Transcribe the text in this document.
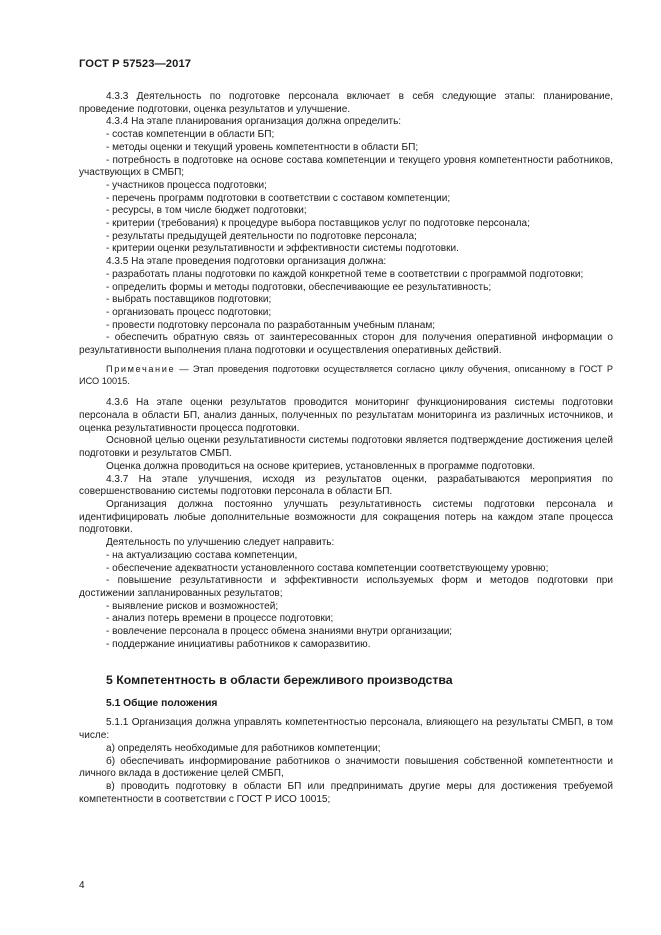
ГОСТ Р 57523—2017

4.3.3 Деятельность по подготовке персонала включает в себя следующие этапы: планирование, проведение подготовки, оценка результатов и улучшение.

4.3.4 На этапе планирования организация должна определить:

- состав компетенции в области БП;

- методы оценки и текущий уровень компетентности в области БП;

- потребность в подготовке на основе состава компетенции и текущего уровня компетентности работников, участвующих в СМБП;

- участников процесса подготовки;

- перечень программ подготовки в соответствии с составом компетенции;

- ресурсы, в том числе бюджет подготовки;

- критерии (требования) к процедуре выбора поставщиков услуг по подготовке персонала;

- результаты предыдущей деятельности по подготовке персонала;

- критерии оценки результативности и эффективности системы подготовки.

4.3.5 На этапе проведения подготовки организация должна:

- разработать планы подготовки по каждой конкретной теме в соответствии с программой подготовки;

- определить формы и методы подготовки, обеспечивающие ее результативность;

- выбрать поставщиков подготовки;

- организовать процесс подготовки;

- провести подготовку персонала по разработанным учебным планам;

- обеспечить обратную связь от заинтересованных сторон для получения оперативной информации о результативности выполнения плана подготовки и осуществления оперативных действий.

Примечание — Этап проведения подготовки осуществляется согласно циклу обучения, описанному в ГОСТ Р ИСО 10015.

4.3.6 На этапе оценки результатов проводится мониторинг функционирования системы подготовки персонала в области БП, анализ данных, полученных по результатам мониторинга из различных источников, и оценка результативности процесса подготовки.

Основной целью оценки результативности системы подготовки является подтверждение достижения целей подготовки и результатов СМБП.

Оценка должна проводиться на основе критериев, установленных в программе подготовки.

4.3.7 На этапе улучшения, исходя из результатов оценки, разрабатываются мероприятия по совершенствованию системы подготовки персонала в области БП.

Организация должна постоянно улучшать результативность системы подготовки персонала и идентифицировать любые дополнительные возможности для сокращения потерь на каждом этапе процесса подготовки.

Деятельность по улучшению следует направить:

- на актуализацию состава компетенции,

- обеспечение адекватности установленного состава компетенции соответствующему уровню;

- повышение результативности и эффективности используемых форм и методов подготовки при достижении запланированных результатов;

- выявление рисков и возможностей;

- анализ потерь времени в процессе подготовки;

- вовлечение персонала в процесс обмена знаниями внутри организации;

- поддержание инициативы работников к саморазвитию.

5 Компетентность в области бережливого производства

5.1 Общие положения

5.1.1 Организация должна управлять компетентностью персонала, влияющего на результаты СМБП, в том числе:

а) определять необходимые для работников компетенции;

б) обеспечивать информирование работников о значимости повышения собственной компетентности и личного вклада в достижение целей СМБП,

в) проводить подготовку в области БП или предпринимать другие меры для достижения требуемой компетентности в соответствии с ГОСТ Р ИСО 10015;

4
